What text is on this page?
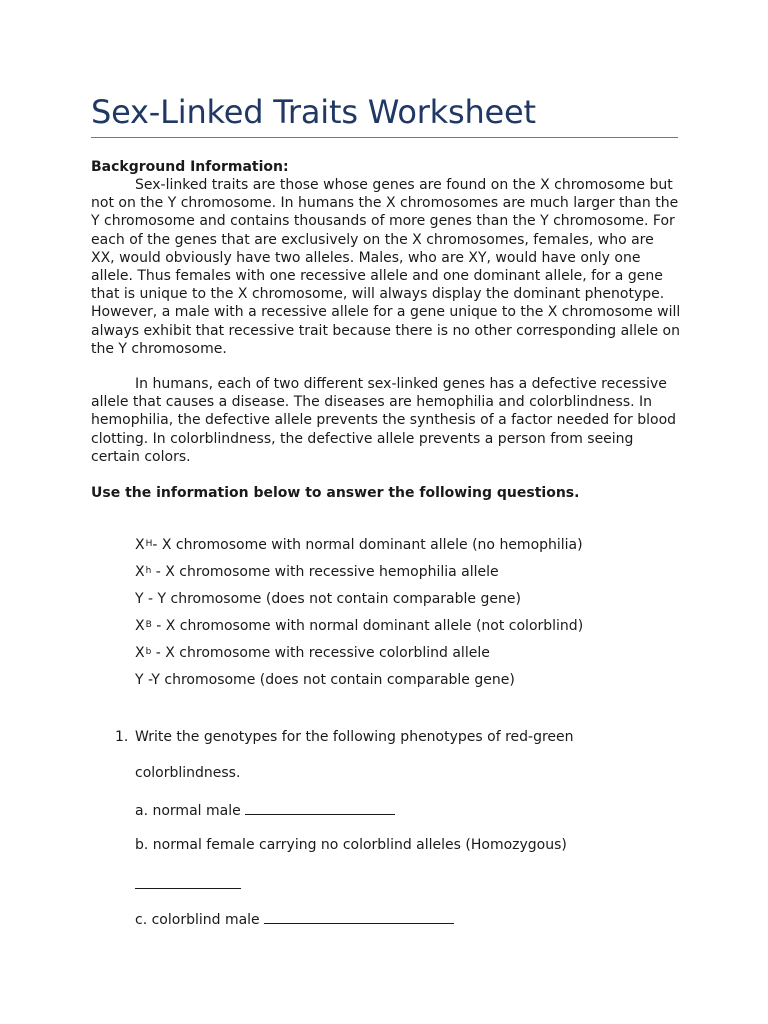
Sex-Linked Traits Worksheet
Background Information:

Sex-linked traits are those whose genes are found on the X chromosome but not on the Y chromosome. In humans the X chromosomes are much larger than the Y chromosome and contains thousands of more genes than the Y chromosome. For each of the genes that are exclusively on the X chromosomes, females, who are XX, would obviously have two alleles. Males, who are XY, would have only one allele. Thus females with one recessive allele and one dominant allele, for a gene that is unique to the X chromosome, will always display the dominant phenotype. However, a male with a recessive allele for a gene unique to the X chromosome will always exhibit that recessive trait because there is no other corresponding allele on the Y chromosome.

In humans, each of two different sex-linked genes has a defective recessive allele that causes a disease. The diseases are hemophilia and colorblindness. In hemophilia, the defective allele prevents the synthesis of a factor needed for blood clotting. In colorblindness, the defective allele prevents a person from seeing certain colors.

Use the information below to answer the following questions.

$X^H-$ X chromosome with normal dominant allele (no hemophilia)
$X^h$ - X chromosome with recessive hemophilia allele
Y - Y chromosome (does not contain comparable gene)
$X^B$ - X chromosome with normal dominant allele (not colorblind)
$X^b$ - X chromosome with recessive colorblind allele
Y -Y chromosome (does not contain comparable gene)
1. Write the genotypes for the following phenotypes of red-green

colorblindness.

a. normal male

b. normal female carrying no colorblind alleles (Homozygous)

c. colorblind male
